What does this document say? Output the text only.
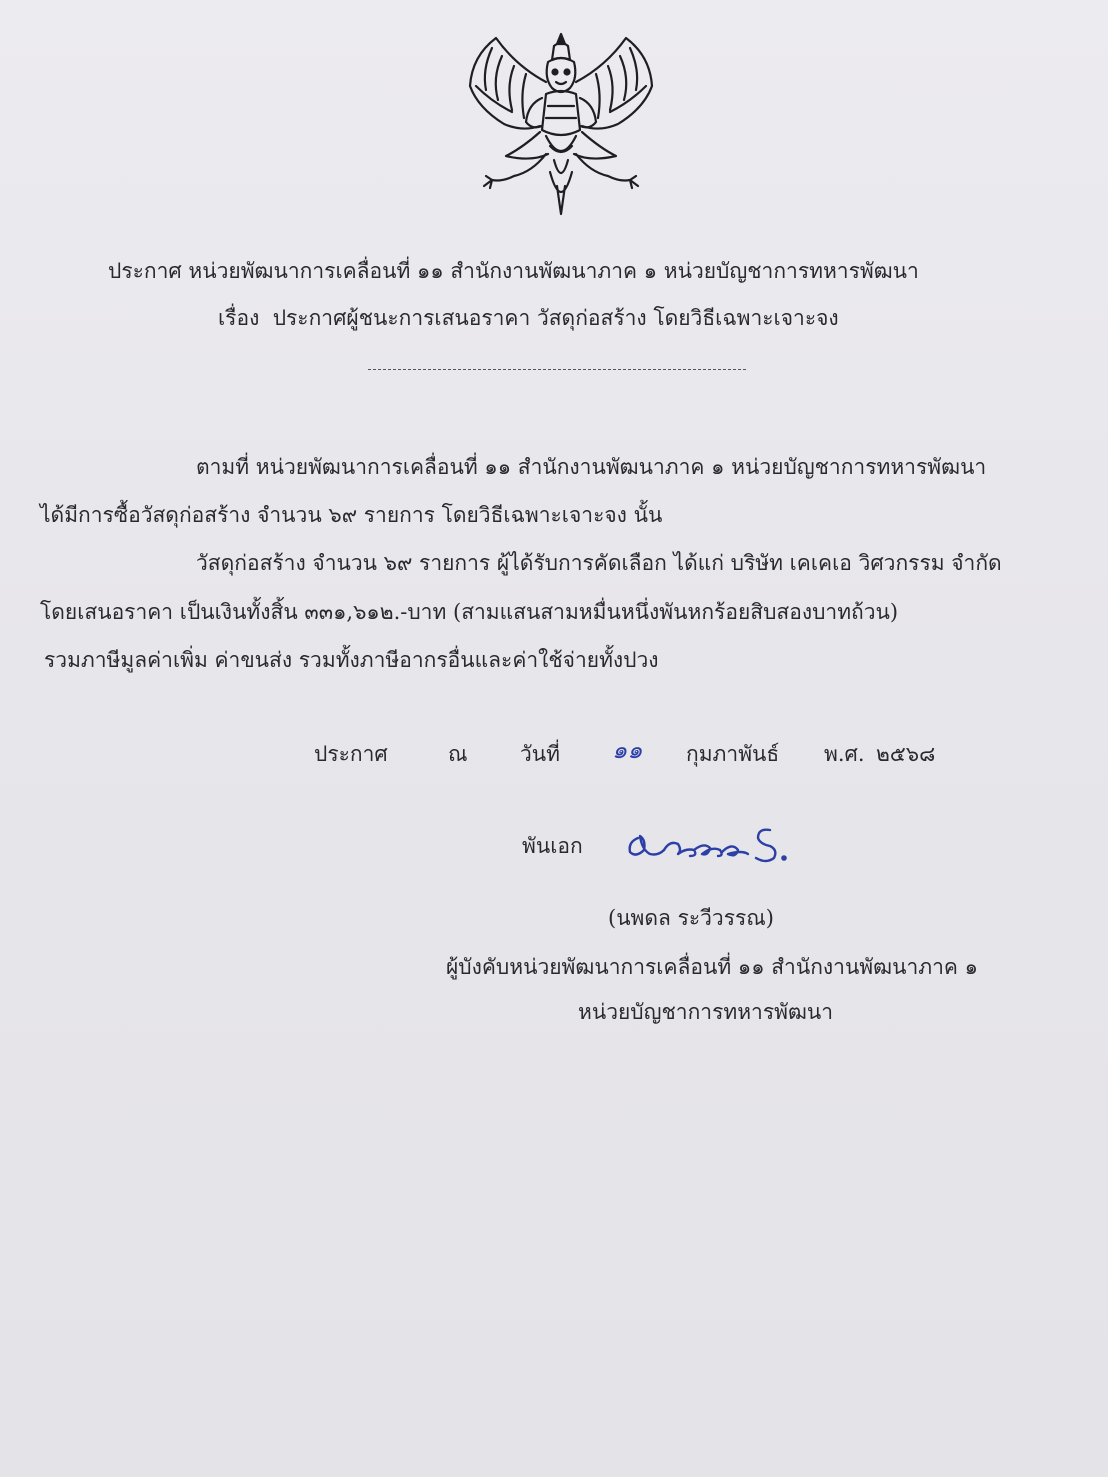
ประกาศ หน่วยพัฒนาการเคลื่อนที่ ๑๑ สำนักงานพัฒนาภาค ๑ หน่วยบัญชาการทหารพัฒนา
เรื่อง ประกาศผู้ชนะการเสนอราคา วัสดุก่อสร้าง โดยวิธีเฉพาะเจาะจง
ตามที่ หน่วยพัฒนาการเคลื่อนที่ ๑๑ สำนักงานพัฒนาภาค ๑ หน่วยบัญชาการทหารพัฒนา
ได้มีการซื้อวัสดุก่อสร้าง จำนวน ๖๙ รายการ โดยวิธีเฉพาะเจาะจง นั้น
วัสดุก่อสร้าง จำนวน ๖๙ รายการ ผู้ได้รับการคัดเลือก ได้แก่ บริษัท เคเคเอ วิศวกรรม จำกัด
โดยเสนอราคา เป็นเงินทั้งสิ้น ๓๓๑,๖๑๒.-บาท (สามแสนสามหมื่นหนึ่งพันหกร้อยสิบสองบาทถ้วน)
รวมภาษีมูลค่าเพิ่ม ค่าขนส่ง รวมทั้งภาษีอากรอื่นและค่าใช้จ่ายทั้งปวง
ประกาศ	ณ	วันที่ ๑๑ กุมภาพันธ์ พ.ศ. ๒๕๖๘
พันเอก
(นพดล ระวีวรรณ)
ผู้บังคับหน่วยพัฒนาการเคลื่อนที่ ๑๑ สำนักงานพัฒนาภาค ๑
หน่วยบัญชาการทหารพัฒนา
